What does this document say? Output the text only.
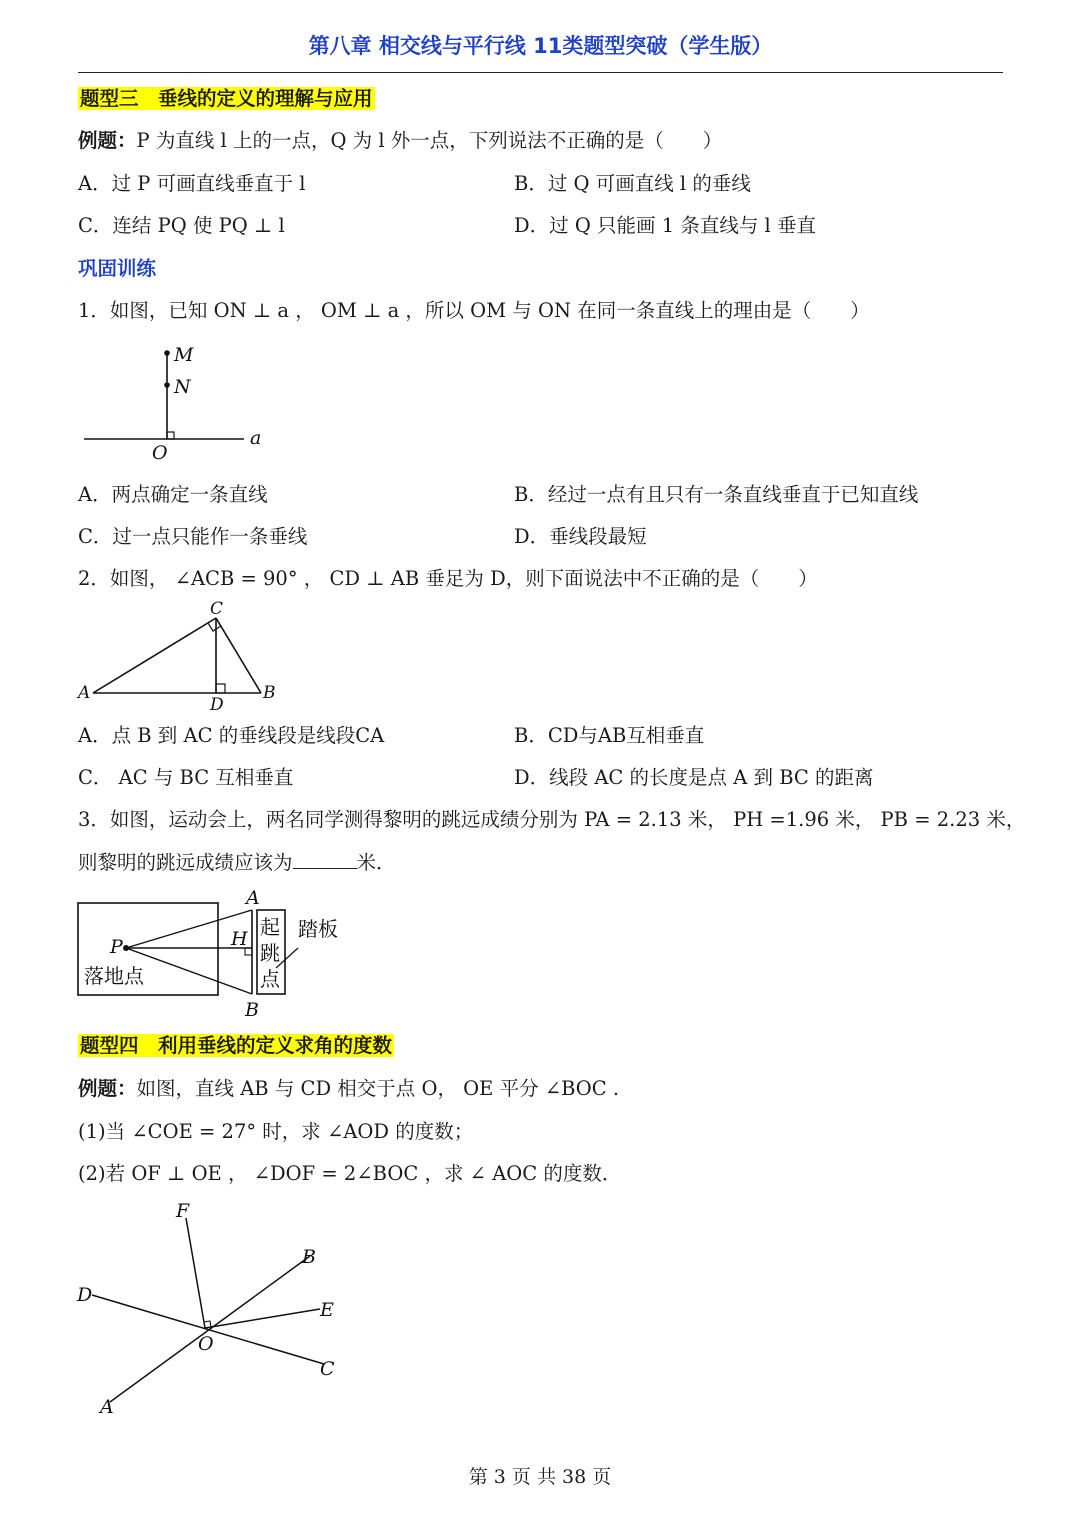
第八章 相交线与平行线 11类题型突破（学生版）
题型三　垂线的定义的理解与应用
例题：P 为直线 l 上的一点，Q 为 l 外一点，下列说法不正确的是（　　）
A．过 P 可画直线垂直于 l	B．过 Q 可画直线 l 的垂线
C．连结 PQ 使 PQ ⊥ l	D．过 Q 只能画 1 条直线与 l 垂直
巩固训练
1．如图，已知 ON ⊥ a ， OM ⊥ a ，所以 OM 与 ON 在同一条直线上的理由是（　　）
M
N
O
a
A．两点确定一条直线	B．经过一点有且只有一条直线垂直于已知直线
C．过一点只能作一条垂线	D．垂线段最短
2．如图， ∠ACB = 90° ， CD ⊥ AB 垂足为 D，则下面说法中不正确的是（　　）
C
A	B
D
A．点 B 到 AC 的垂线段是线段CA	B．CD与AB互相垂直
C． AC 与 BC 互相垂直	D．线段 AC 的长度是点 A 到 BC 的距离
3．如图，运动会上，两名同学测得黎明的跳远成绩分别为 PA = 2.13 米， PH =1.96 米， PB = 2.23 米，
则黎明的跳远成绩应该为	米．
A
B
P	H
落地点
踏板
起
跳
点
题型四　利用垂线的定义求角的度数
例题：如图，直线 AB 与 CD 相交于点 O， OE 平分 ∠BOC .
(1)当 ∠COE = 27° 时，求 ∠AOD 的度数；
(2)若 OF ⊥ OE ， ∠DOF = 2∠BOC ，求 ∠ AOC 的度数．
F
B
D
E
O
C
A
第 3 页 共 38 页
